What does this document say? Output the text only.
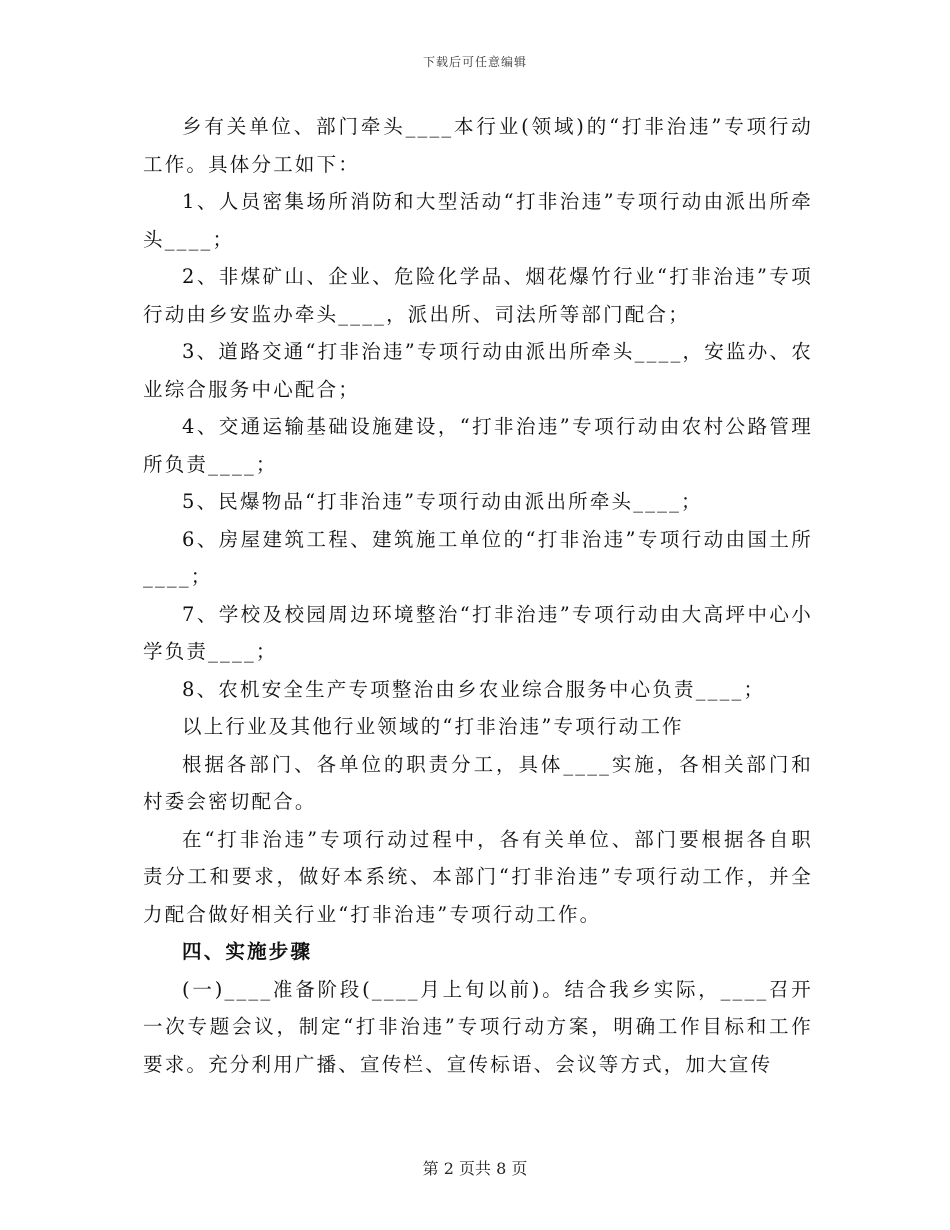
下载后可任意编辑

乡有关单位、部门牵头____本行业(领域)的“打非治违”专项行动工作。具体分工如下：

1、人员密集场所消防和大型活动“打非治违”专项行动由派出所牵头____；

2、非煤矿山、企业、危险化学品、烟花爆竹行业“打非治违”专项行动由乡安监办牵头____，派出所、司法所等部门配合；

3、道路交通“打非治违”专项行动由派出所牵头____，安监办、农业综合服务中心配合；

4、交通运输基础设施建设，“打非治违”专项行动由农村公路管理所负责____；

5、民爆物品“打非治违”专项行动由派出所牵头____；

6、房屋建筑工程、建筑施工单位的“打非治违”专项行动由国土所____；

7、学校及校园周边环境整治“打非治违”专项行动由大高坪中心小学负责____；

8、农机安全生产专项整治由乡农业综合服务中心负责____；

以上行业及其他行业领域的“打非治违”专项行动工作

根据各部门、各单位的职责分工，具体____实施，各相关部门和村委会密切配合。

在“打非治违”专项行动过程中，各有关单位、部门要根据各自职责分工和要求，做好本系统、本部门“打非治违”专项行动工作，并全力配合做好相关行业“打非治违”专项行动工作。

四、实施步骤

(一)____准备阶段(____月上旬以前)。结合我乡实际，____召开一次专题会议，制定“打非治违”专项行动方案，明确工作目标和工作要求。充分利用广播、宣传栏、宣传标语、会议等方式，加大宣传

第 2 页共 8 页
